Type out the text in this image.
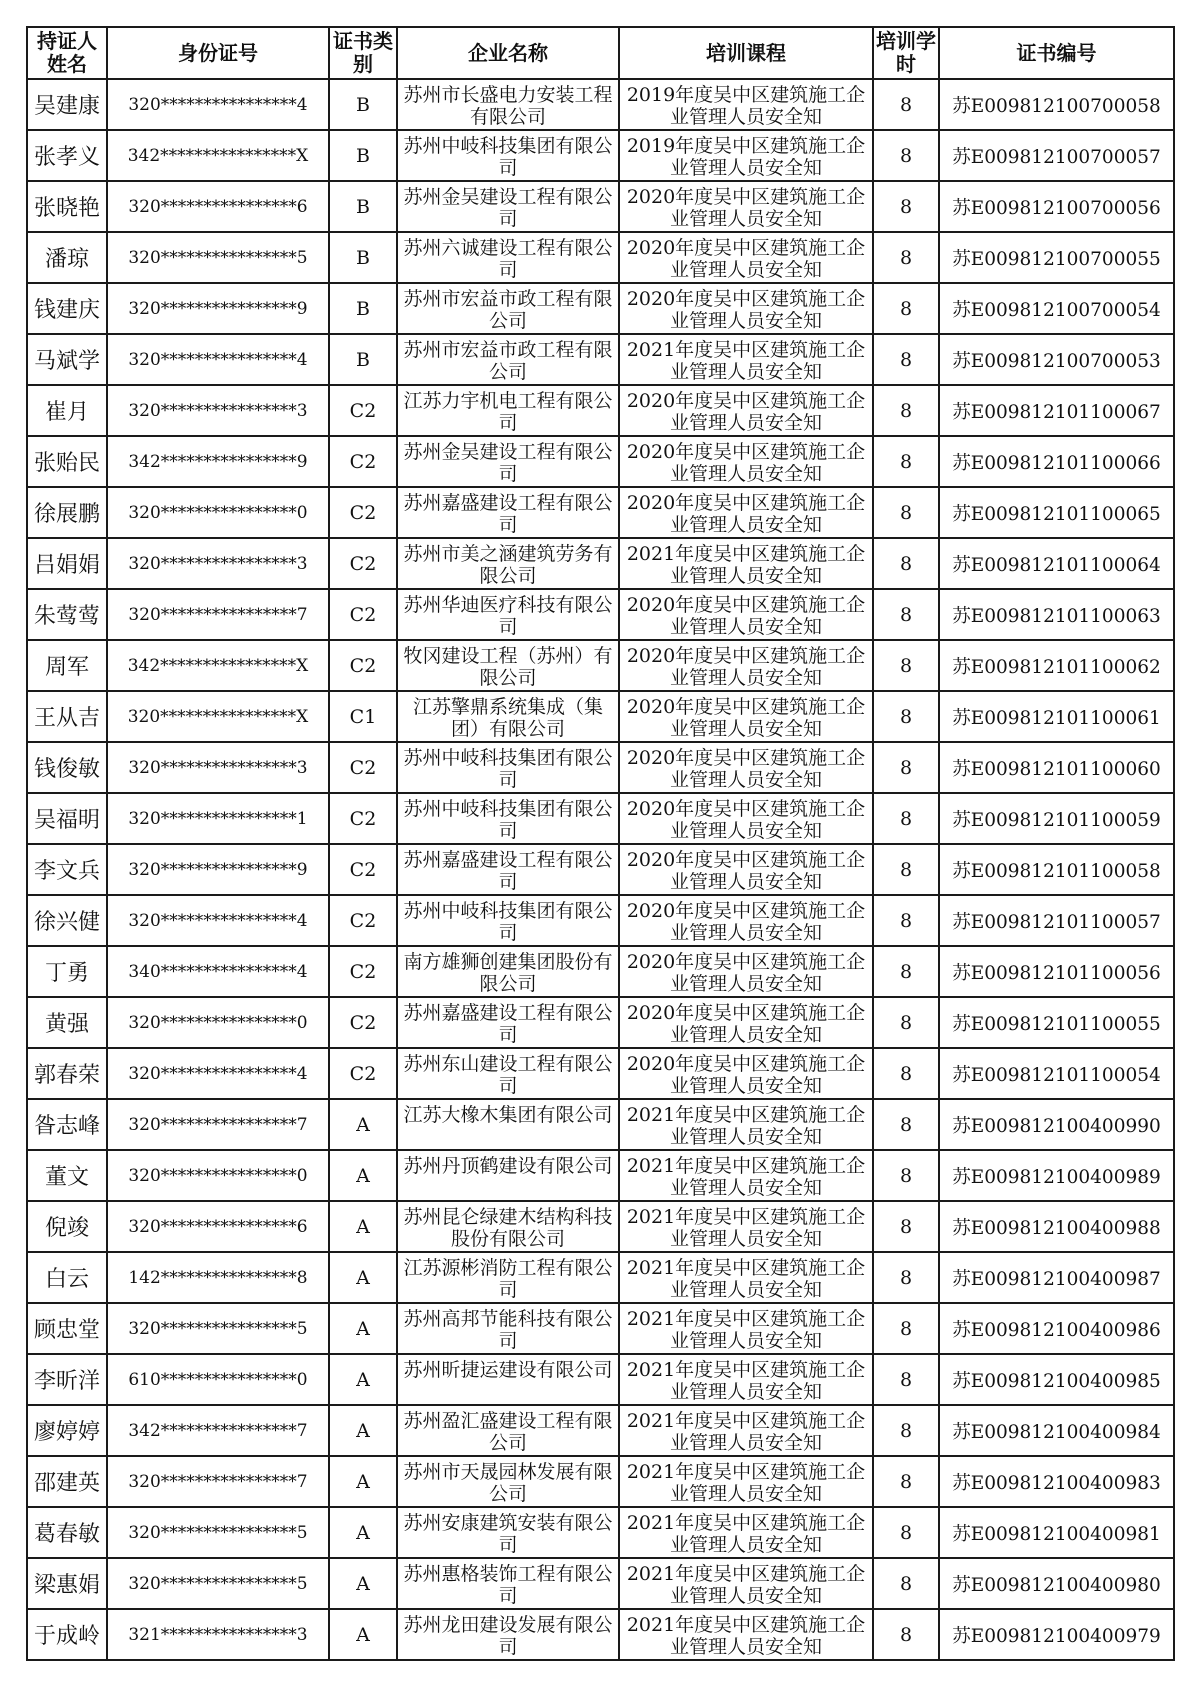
持证人姓名	身份证号	证书类别	企业名称	培训课程	培训学时	证书编号
吴建康	320****************4	B	苏州市长盛电力安装工程有限公司	2019年度吴中区建筑施工企业管理人员安全知	8	苏E009812100700058
张孝义	342****************X	B	苏州中岐科技集团有限公司	2019年度吴中区建筑施工企业管理人员安全知	8	苏E009812100700057
张晓艳	320****************6	B	苏州金吴建设工程有限公司	2020年度吴中区建筑施工企业管理人员安全知	8	苏E009812100700056
潘琼	320****************5	B	苏州六诚建设工程有限公司	2020年度吴中区建筑施工企业管理人员安全知	8	苏E009812100700055
钱建庆	320****************9	B	苏州市宏益市政工程有限公司	2020年度吴中区建筑施工企业管理人员安全知	8	苏E009812100700054
马斌学	320****************4	B	苏州市宏益市政工程有限公司	2021年度吴中区建筑施工企业管理人员安全知	8	苏E009812100700053
崔月	320****************3	C2	江苏力宇机电工程有限公司	2020年度吴中区建筑施工企业管理人员安全知	8	苏E009812101100067
张贻民	342****************9	C2	苏州金吴建设工程有限公司	2020年度吴中区建筑施工企业管理人员安全知	8	苏E009812101100066
徐展鹏	320****************0	C2	苏州嘉盛建设工程有限公司	2020年度吴中区建筑施工企业管理人员安全知	8	苏E009812101100065
吕娟娟	320****************3	C2	苏州市美之涵建筑劳务有限公司	2021年度吴中区建筑施工企业管理人员安全知	8	苏E009812101100064
朱莺莺	320****************7	C2	苏州华迪医疗科技有限公司	2020年度吴中区建筑施工企业管理人员安全知	8	苏E009812101100063
周军	342****************X	C2	牧冈建设工程（苏州）有限公司	2020年度吴中区建筑施工企业管理人员安全知	8	苏E009812101100062
王从吉	320****************X	C1	江苏擎鼎系统集成（集团）有限公司	2020年度吴中区建筑施工企业管理人员安全知	8	苏E009812101100061
钱俊敏	320****************3	C2	苏州中岐科技集团有限公司	2020年度吴中区建筑施工企业管理人员安全知	8	苏E009812101100060
吴福明	320****************1	C2	苏州中岐科技集团有限公司	2020年度吴中区建筑施工企业管理人员安全知	8	苏E009812101100059
李文兵	320****************9	C2	苏州嘉盛建设工程有限公司	2020年度吴中区建筑施工企业管理人员安全知	8	苏E009812101100058
徐兴健	320****************4	C2	苏州中岐科技集团有限公司	2020年度吴中区建筑施工企业管理人员安全知	8	苏E009812101100057
丁勇	340****************4	C2	南方雄狮创建集团股份有限公司	2020年度吴中区建筑施工企业管理人员安全知	8	苏E009812101100056
黄强	320****************0	C2	苏州嘉盛建设工程有限公司	2020年度吴中区建筑施工企业管理人员安全知	8	苏E009812101100055
郭春荣	320****************4	C2	苏州东山建设工程有限公司	2020年度吴中区建筑施工企业管理人员安全知	8	苏E009812101100054
昝志峰	320****************7	A	江苏大橡木集团有限公司	2021年度吴中区建筑施工企业管理人员安全知	8	苏E009812100400990
董文	320****************0	A	苏州丹顶鹤建设有限公司	2021年度吴中区建筑施工企业管理人员安全知	8	苏E009812100400989
倪竣	320****************6	A	苏州昆仑绿建木结构科技股份有限公司	2021年度吴中区建筑施工企业管理人员安全知	8	苏E009812100400988
白云	142****************8	A	江苏源彬消防工程有限公司	2021年度吴中区建筑施工企业管理人员安全知	8	苏E009812100400987
顾忠堂	320****************5	A	苏州高邦节能科技有限公司	2021年度吴中区建筑施工企业管理人员安全知	8	苏E009812100400986
李昕洋	610****************0	A	苏州昕捷运建设有限公司	2021年度吴中区建筑施工企业管理人员安全知	8	苏E009812100400985
廖婷婷	342****************7	A	苏州盈汇盛建设工程有限公司	2021年度吴中区建筑施工企业管理人员安全知	8	苏E009812100400984
邵建英	320****************7	A	苏州市天晟园林发展有限公司	2021年度吴中区建筑施工企业管理人员安全知	8	苏E009812100400983
葛春敏	320****************5	A	苏州安康建筑安装有限公司	2021年度吴中区建筑施工企业管理人员安全知	8	苏E009812100400981
梁惠娟	320****************5	A	苏州惠格装饰工程有限公司	2021年度吴中区建筑施工企业管理人员安全知	8	苏E009812100400980
于成岭	321****************3	A	苏州龙田建设发展有限公司	2021年度吴中区建筑施工企业管理人员安全知	8	苏E009812100400979
